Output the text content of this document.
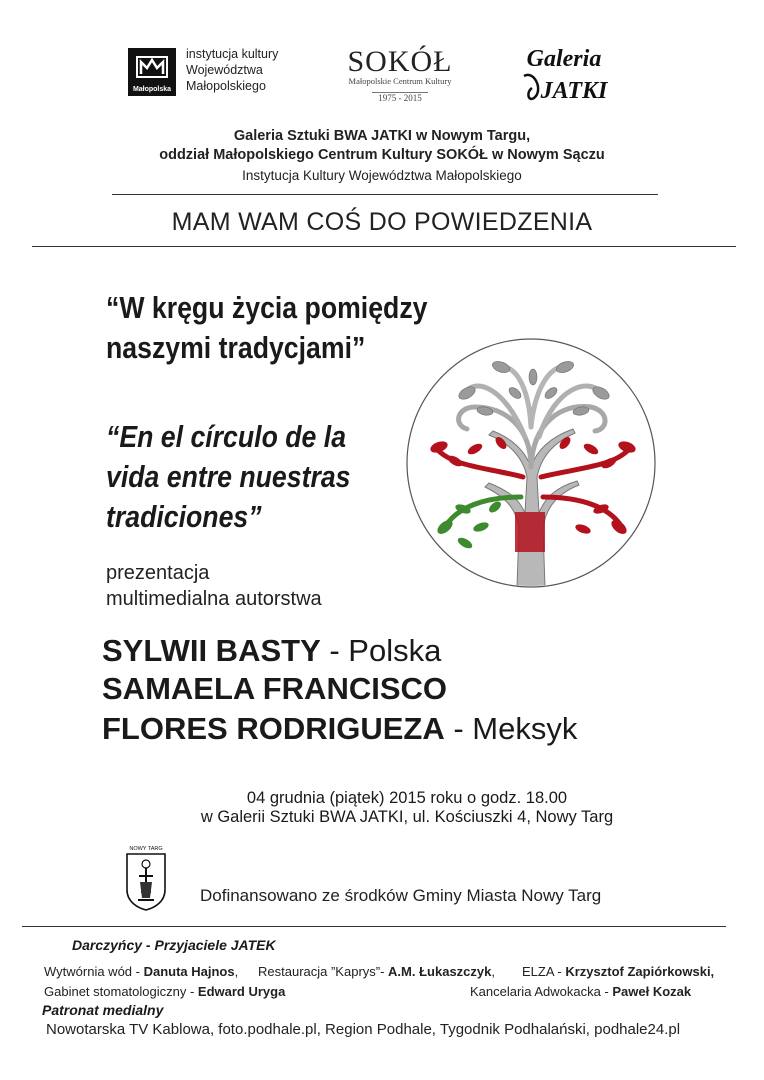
Małopolska
instytucja kultury
Województwa
Małopolskiego
SOKÓŁ
Małopolskie Centrum Kultury
1975 - 2015
Galeria
JATKI
Galeria Sztuki BWA JATKI w Nowym Targu,
oddział Małopolskiego Centrum Kultury SOKÓŁ w Nowym Sączu
Instytucja Kultury Województwa Małopolskiego
MAM WAM COŚ DO POWIEDZENIA
“W kręgu życia pomiędzy
naszymi tradycjami”
“En el círculo de la
vida entre nuestras
tradiciones”
prezentacja
multimedialna autorstwa
SYLWII BASTY - Polska
SAMAELA FRANCISCO
FLORES RODRIGUEZA - Meksyk
04 grudnia (piątek) 2015 roku o godz. 18.00
w Galerii Sztuki BWA JATKI, ul. Kościuszki 4, Nowy Targ
NOWY TARG
Dofinansowano ze środków Gminy Miasta Nowy Targ
Darczyńcy - Przyjaciele JATEK
Wytwórnia wód - Danuta Hajnos, Restauracja ”Kaprys”- A.M. Łukaszczyk, ELZA - Krzysztof Zapiórkowski,
Gabinet stomatologiczny - Edward Uryga	Kancelaria Adwokacka - Paweł Kozak
Patronat medialny
Nowotarska TV Kablowa, foto.podhale.pl, Region Podhale, Tygodnik Podhalański, podhale24.pl
